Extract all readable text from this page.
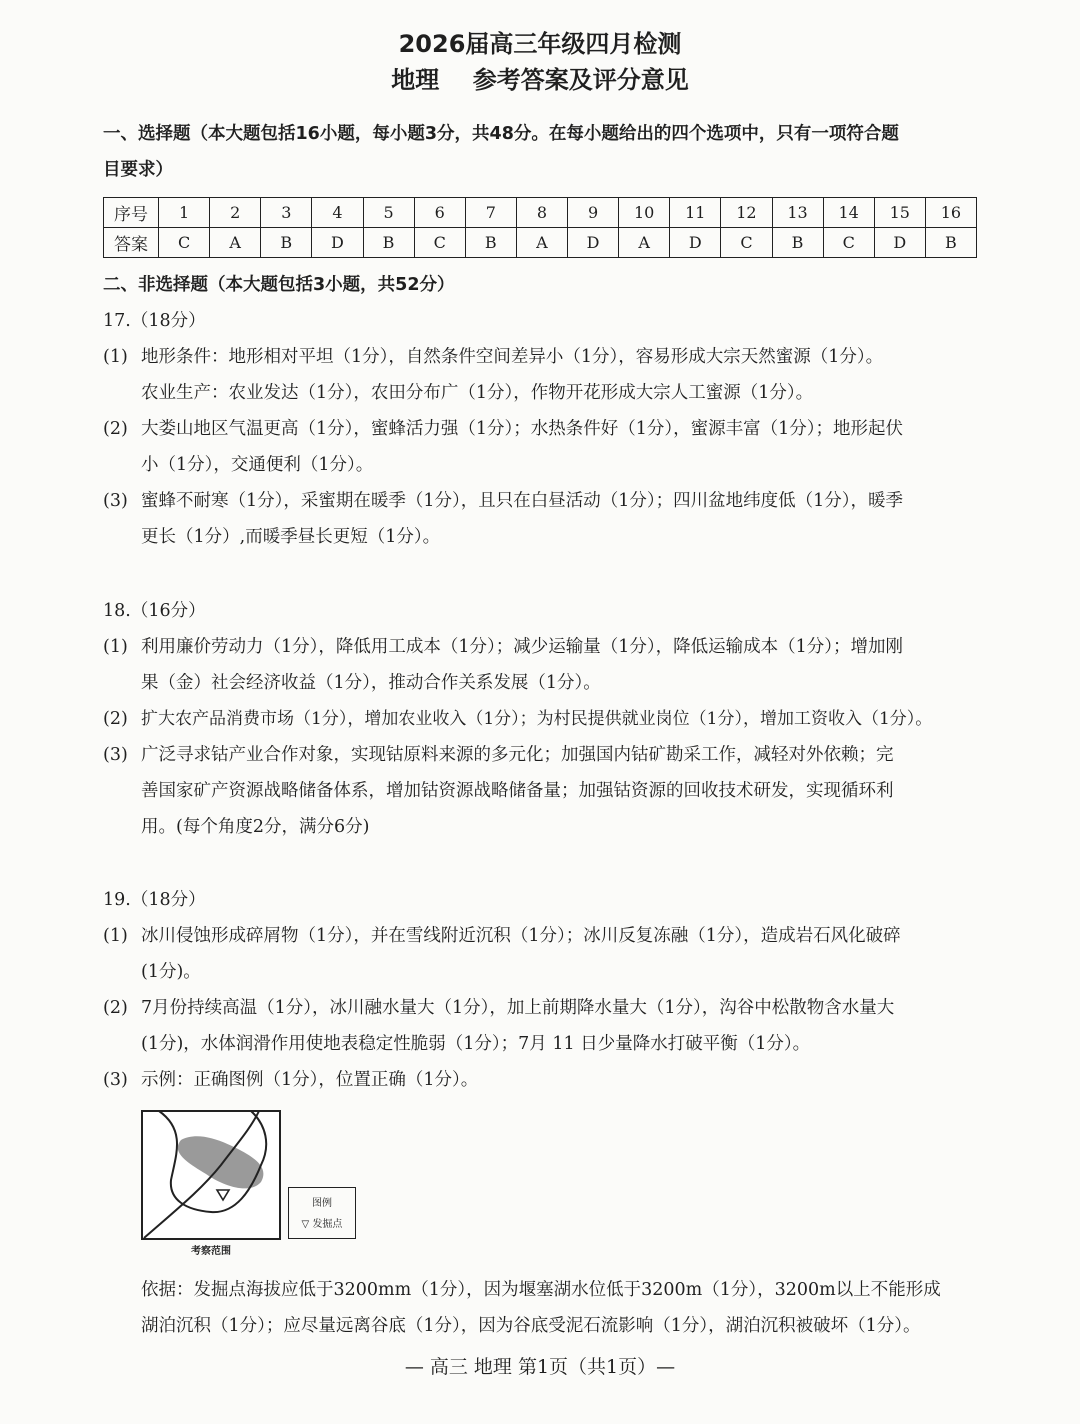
2026届高三年级四月检测
地理    参考答案及评分意见
一、选择题（本大题包括16小题，每小题3分，共48分。在每小题给出的四个选项中，只有一项符合题
目要求）
序号	1	2	3	4	5	6	7	8	9	10	11	12	13	14	15	16
答案	C	A	B	D	B	C	B	A	D	A	D	C	B	C	D	B
二、非选择题（本大题包括3小题，共52分）
17.（18分）
(1) 地形条件：地形相对平坦（1分），自然条件空间差异小（1分），容易形成大宗天然蜜源（1分）。
农业生产：农业发达（1分），农田分布广（1分），作物开花形成大宗人工蜜源（1分）。
(2) 大娄山地区气温更高（1分），蜜蜂活力强（1分）；水热条件好（1分），蜜源丰富（1分）；地形起伏
小（1分），交通便利（1分）。
(3) 蜜蜂不耐寒（1分），采蜜期在暖季（1分），且只在白昼活动（1分）；四川盆地纬度低（1分），暖季
更长（1分）,而暖季昼长更短（1分）。
18.（16分）
(1) 利用廉价劳动力（1分），降低用工成本（1分）；减少运输量（1分），降低运输成本（1分）；增加刚
果（金）社会经济收益（1分），推动合作关系发展（1分）。
(2) 扩大农产品消费市场（1分），增加农业收入（1分）；为村民提供就业岗位（1分），增加工资收入（1分）。
(3) 广泛寻求钴产业合作对象，实现钴原料来源的多元化；加强国内钴矿勘采工作，减轻对外依赖；完
善国家矿产资源战略储备体系，增加钴资源战略储备量；加强钴资源的回收技术研发，实现循环利
用。(每个角度2分，满分6分)
19.（18分）
(1) 冰川侵蚀形成碎屑物（1分），并在雪线附近沉积（1分）；冰川反复冻融（1分），造成岩石风化破碎
(1分)。
(2) 7月份持续高温（1分），冰川融水量大（1分），加上前期降水量大（1分），沟谷中松散物含水量大
(1分)，水体润滑作用使地表稳定性脆弱（1分）；7月 11 日少量降水打破平衡（1分）。
(3) 示例：正确图例（1分），位置正确（1分）。
图例
▽ 发掘点
考察范围
依据：发掘点海拔应低于3200mm（1分），因为堰塞湖水位低于3200m（1分），3200m以上不能形成
湖泊沉积（1分）；应尽量远离谷底（1分），因为谷底受泥石流影响（1分），湖泊沉积被破坏（1分）。
— 高三 地理 第1页（共1页）—
